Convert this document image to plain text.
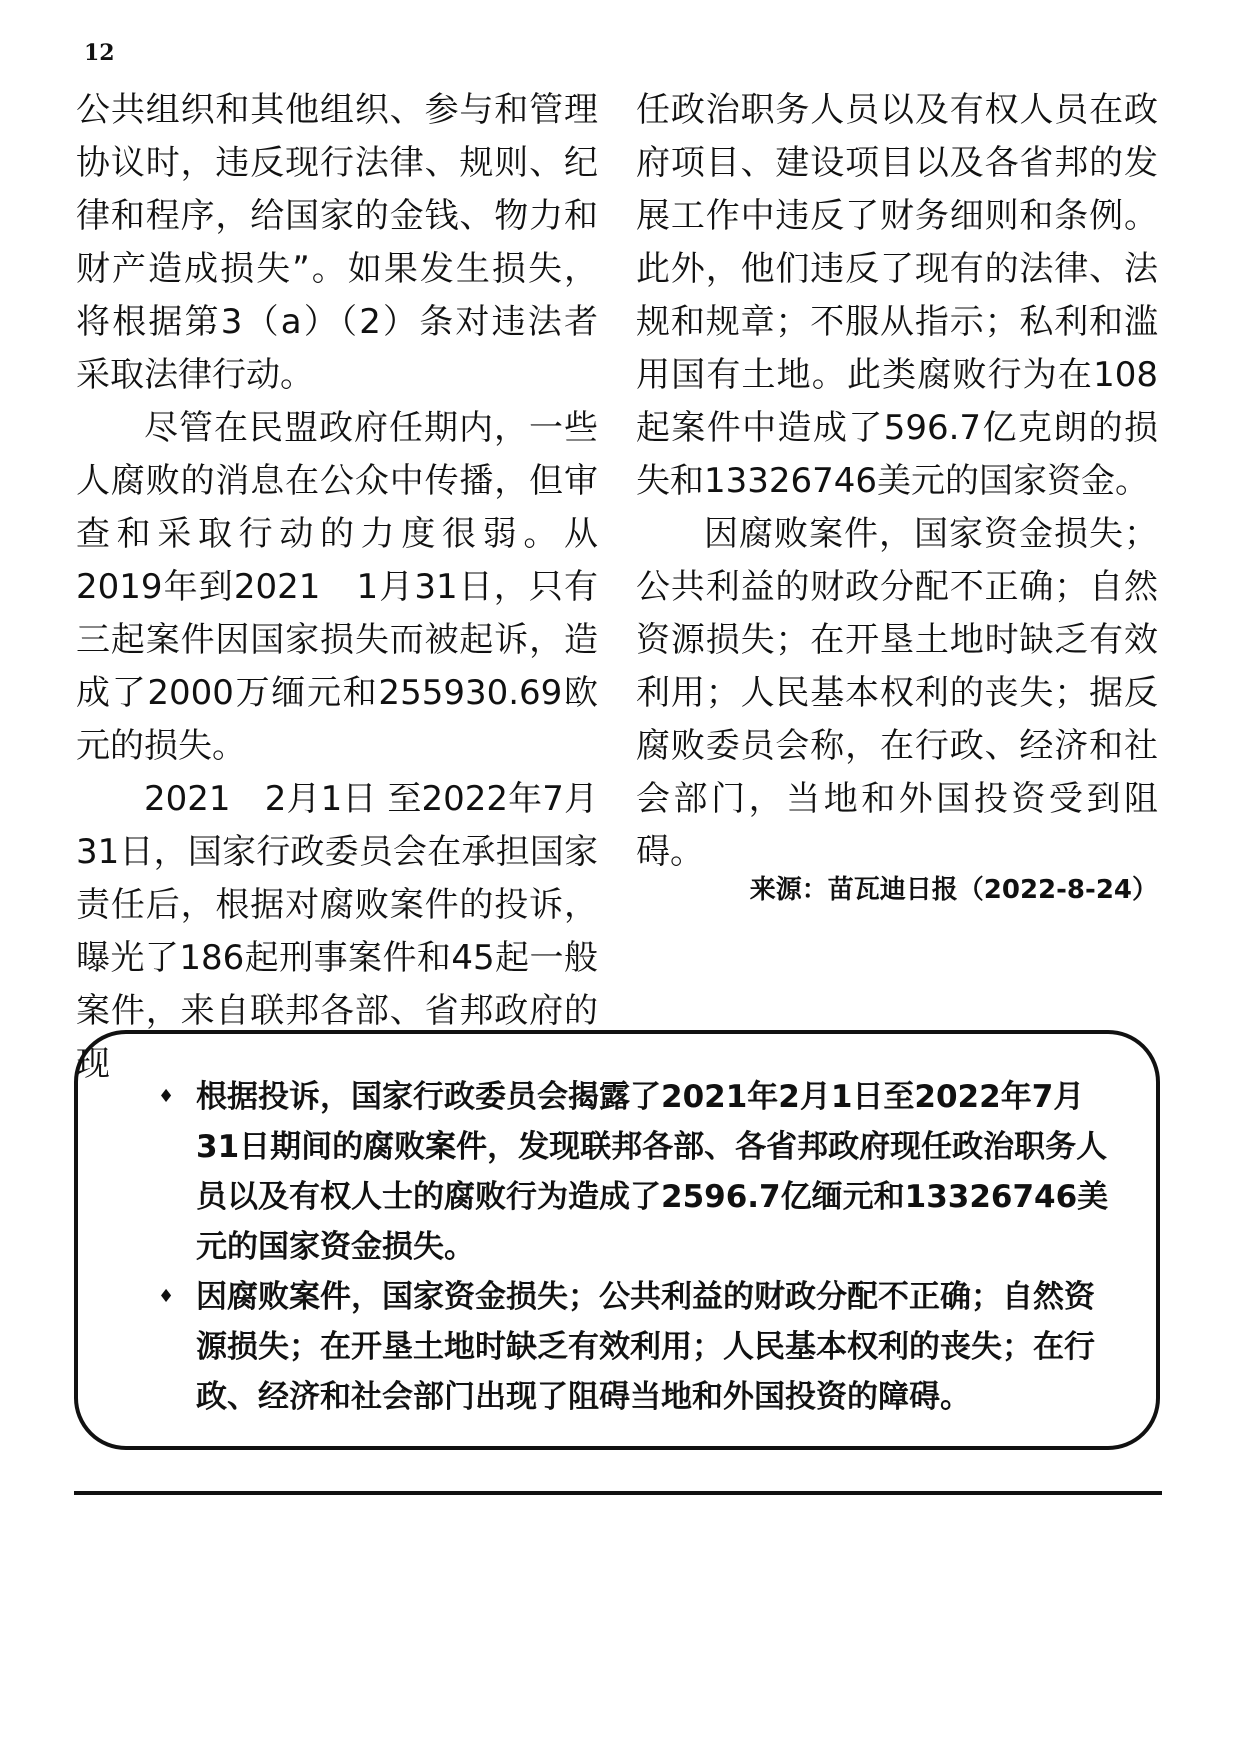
12

公共组织和其他组织、参与和管理协议时，违反现行法律、规则、纪律和程序，给国家的金钱、物力和财产造成损失”。如果发生损失，将根据第3（a）（2）条对违法者采取法律行动。

尽管在民盟政府任期内，一些人腐败的消息在公众中传播，但审查和采取行动的力度很弱。从2019年到2021　1月31日，只有三起案件因国家损失而被起诉，造成了2000万缅元和255930.69欧元的损失。

2021　2月1日 至2022年7月31日，国家行政委员会在承担国家责任后，根据对腐败案件的投诉，曝光了186起刑事案件和45起一般案件，来自联邦各部、省邦政府的现

任政治职务人员以及有权人员在政府项目、建设项目以及各省邦的发展工作中违反了财务细则和条例。此外，他们违反了现有的法律、法规和规章；不服从指示；私利和滥用国有土地。此类腐败行为在108起案件中造成了596.7亿克朗的损失和13326746美元的国家资金。

因腐败案件，国家资金损失；公共利益的财政分配不正确；自然资源损失；在开垦土地时缺乏有效利用；人民基本权利的丧失；据反腐败委员会称，在行政、经济和社会部门，当地和外国投资受到阻碍。

来源：苗瓦迪日报（2022-8-24）
♦ 根据投诉，国家行政委员会揭露了2021年2月1日至2022年7月31日期间的腐败案件，发现联邦各部、各省邦政府现任政治职务人员以及有权人士的腐败行为造成了2596.7亿缅元和13326746美元的国家资金损失。
♦ 因腐败案件，国家资金损失；公共利益的财政分配不正确；自然资源损失；在开垦土地时缺乏有效利用；人民基本权利的丧失；在行政、经济和社会部门出现了阻碍当地和外国投资的障碍。
